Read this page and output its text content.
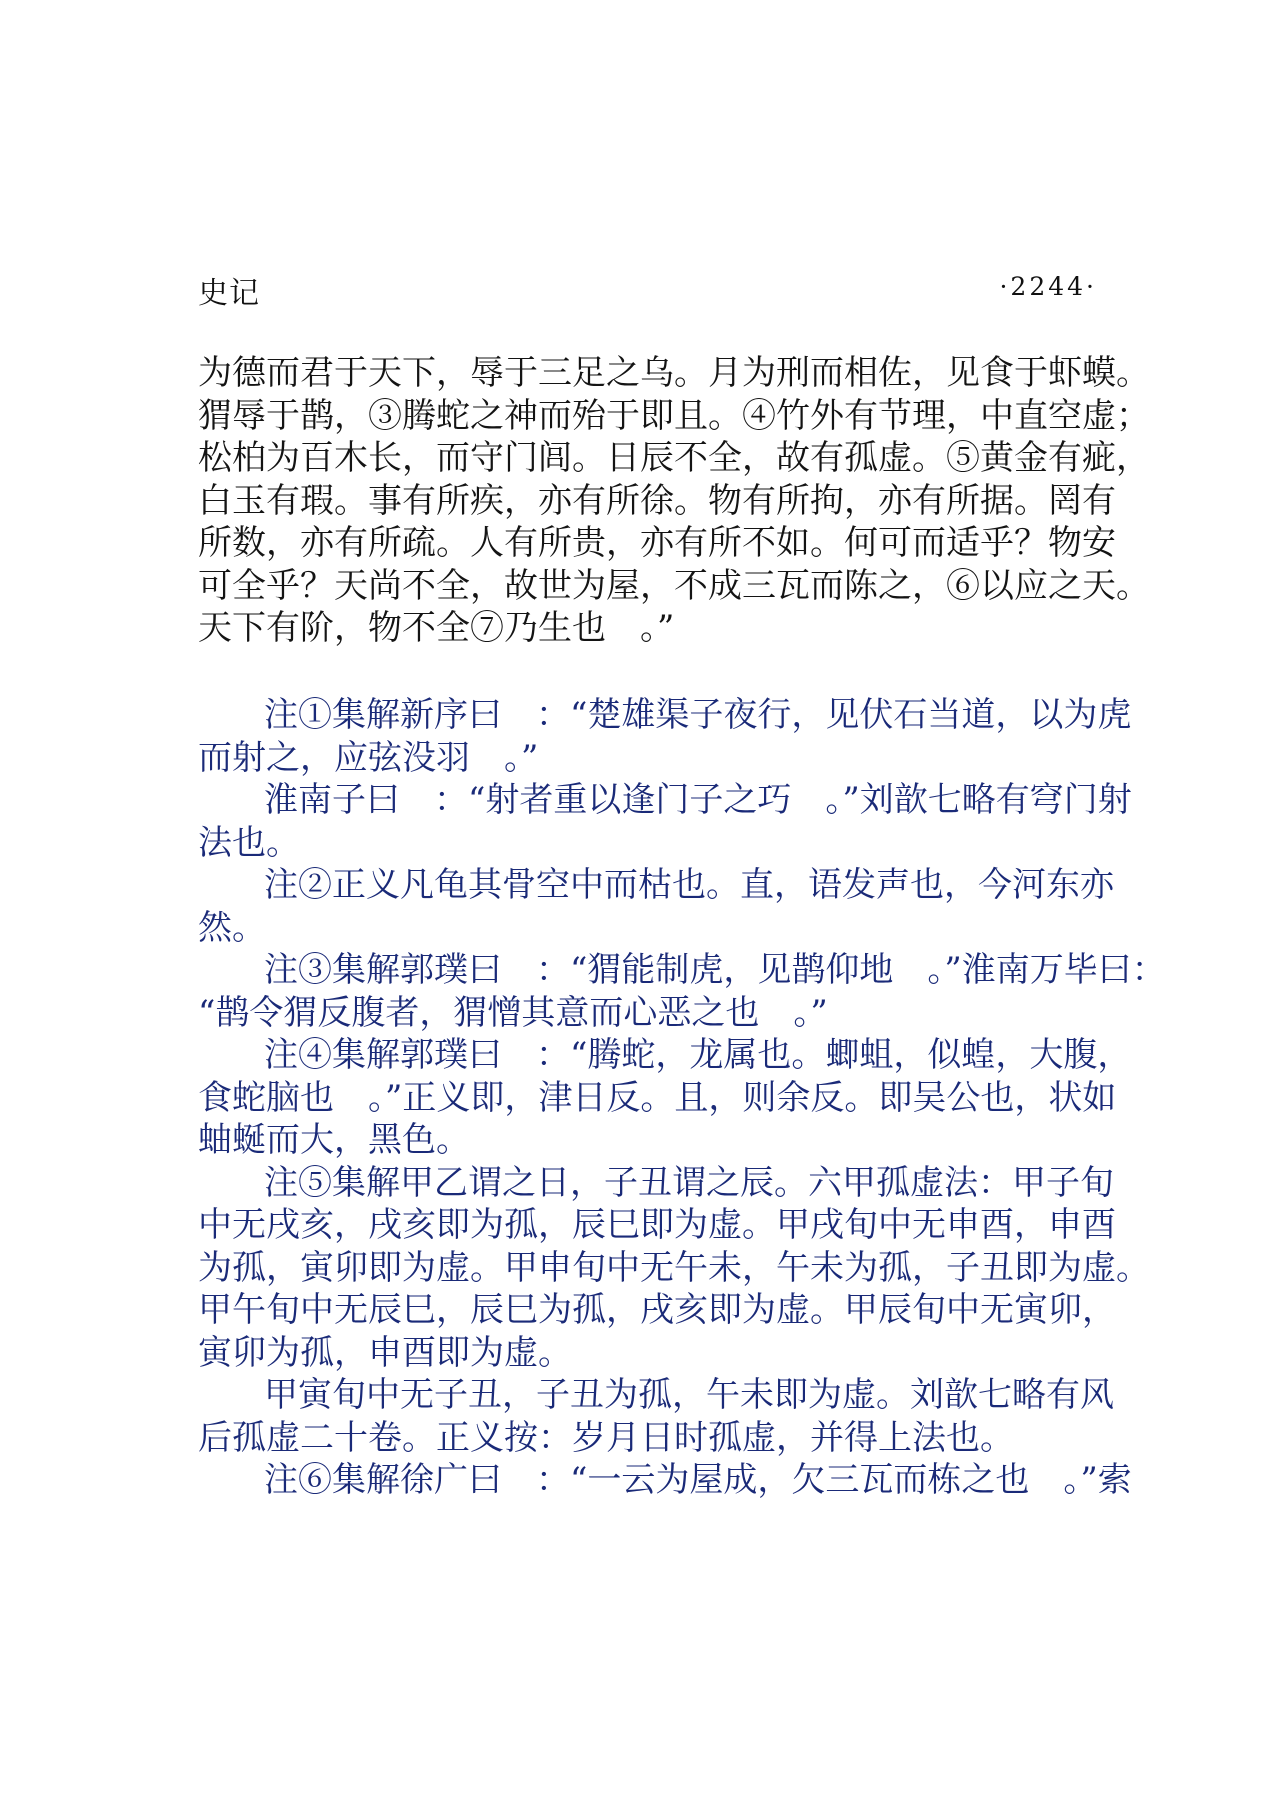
史记	·2244·
为德而君于天下，辱于三足之乌。月为刑而相佐，见食于虾蟆。
猬辱于鹊，③腾蛇之神而殆于即且。④竹外有节理，中直空虚；
松柏为百木长，而守门闾。日辰不全，故有孤虚。⑤黄金有疵，
白玉有瑕。事有所疾，亦有所徐。物有所拘，亦有所据。罔有
所数，亦有所疏。人有所贵，亦有所不如。何可而适乎？物安
可全乎？天尚不全，故世为屋，不成三瓦而陈之，⑥以应之天。
天下有阶，物不全⑦乃生也　。”
注①集解新序曰　：“楚雄渠子夜行，见伏石当道，以为虎
而射之，应弦没羽　。”
淮南子曰　：“射者重以逢门子之巧　。”刘歆七略有穹门射
法也。
注②正义凡龟其骨空中而枯也。直，语发声也，今河东亦
然。
注③集解郭璞曰　：“猬能制虎，见鹊仰地　。”淮南万毕曰：
“鹊令猬反腹者，猬憎其意而心恶之也　。”
注④集解郭璞曰　：“腾蛇，龙属也。蝍蛆，似蝗，大腹，
食蛇脑也　。”正义即，津日反。且，则余反。即吴公也，状如
蚰蜒而大，黑色。
注⑤集解甲乙谓之日，子丑谓之辰。六甲孤虚法：甲子旬
中无戌亥，戌亥即为孤，辰巳即为虚。甲戌旬中无申酉，申酉
为孤，寅卯即为虚。甲申旬中无午未，午未为孤，子丑即为虚。
甲午旬中无辰巳，辰巳为孤，戌亥即为虚。甲辰旬中无寅卯，
寅卯为孤，申酉即为虚。
甲寅旬中无子丑，子丑为孤，午未即为虚。刘歆七略有风
后孤虚二十卷。正义按：岁月日时孤虚，并得上法也。
注⑥集解徐广曰　：“一云为屋成，欠三瓦而栋之也　。”索
